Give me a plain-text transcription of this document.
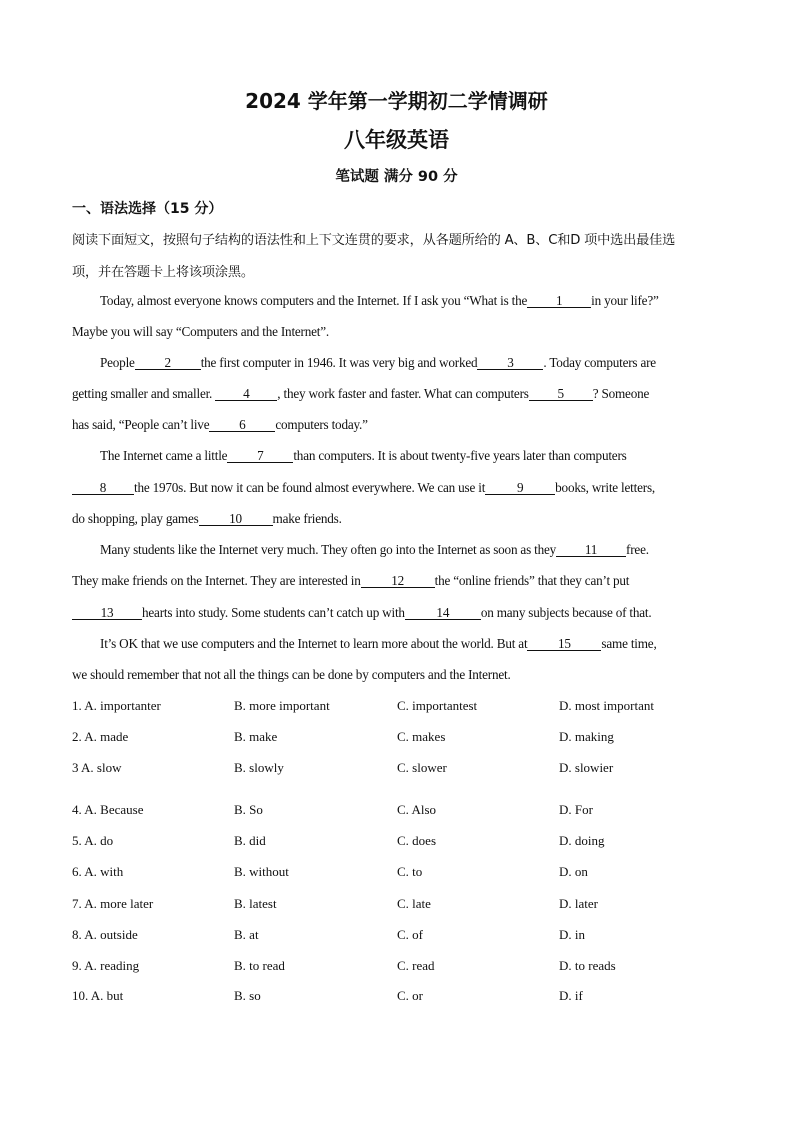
2024 学年第一学期初二学情调研
八年级英语
笔试题 满分 90 分
一、语法选择（15 分）
阅读下面短文，按照句子结构的语法性和上下文连贯的要求，从各题所给的 A、B、C和D 项中选出最佳选
项，并在答题卡上将该项涂黑。
Today, almost everyone knows computers and the Internet. If I ask you “What is the 1 in your life?”
Maybe you will say “Computers and the Internet”.
People 2 the first computer in 1946. It was very big and worked 3 . Today computers are
getting smaller and smaller. 4 , they work faster and faster. What can computers 5 ? Someone
has said, “People can’t live 6 computers today.”
The Internet came a little 7 than computers. It is about twenty-five years later than computers
8 the 1970s. But now it can be found almost everywhere. We can use it 9 books, write letters,
do shopping, play games 10 make friends.
Many students like the Internet very much. They often go into the Internet as soon as they 11 free.
They make friends on the Internet. They are interested in 12 the “online friends” that they can’t put
13 hearts into study. Some students can’t catch up with 14 on many subjects because of that.
It’s OK that we use computers and the Internet to learn more about the world. But at 15 same time,
we should remember that not all the things can be done by computers and the Internet.
1. A. importanter	B. more important	C. importantest	D. most important
2. A. made	B. make	C. makes	D. making
3 A. slow	B. slowly	C. slower	D. slowier
4. A. Because	B. So	C. Also	D. For
5. A. do	B. did	C. does	D. doing
6. A. with	B. without	C. to	D. on
7. A. more later	B. latest	C. late	D. later
8. A. outside	B. at	C. of	D. in
9. A. reading	B. to read	C. read	D. to reads
10. A. but	B. so	C. or	D. if
